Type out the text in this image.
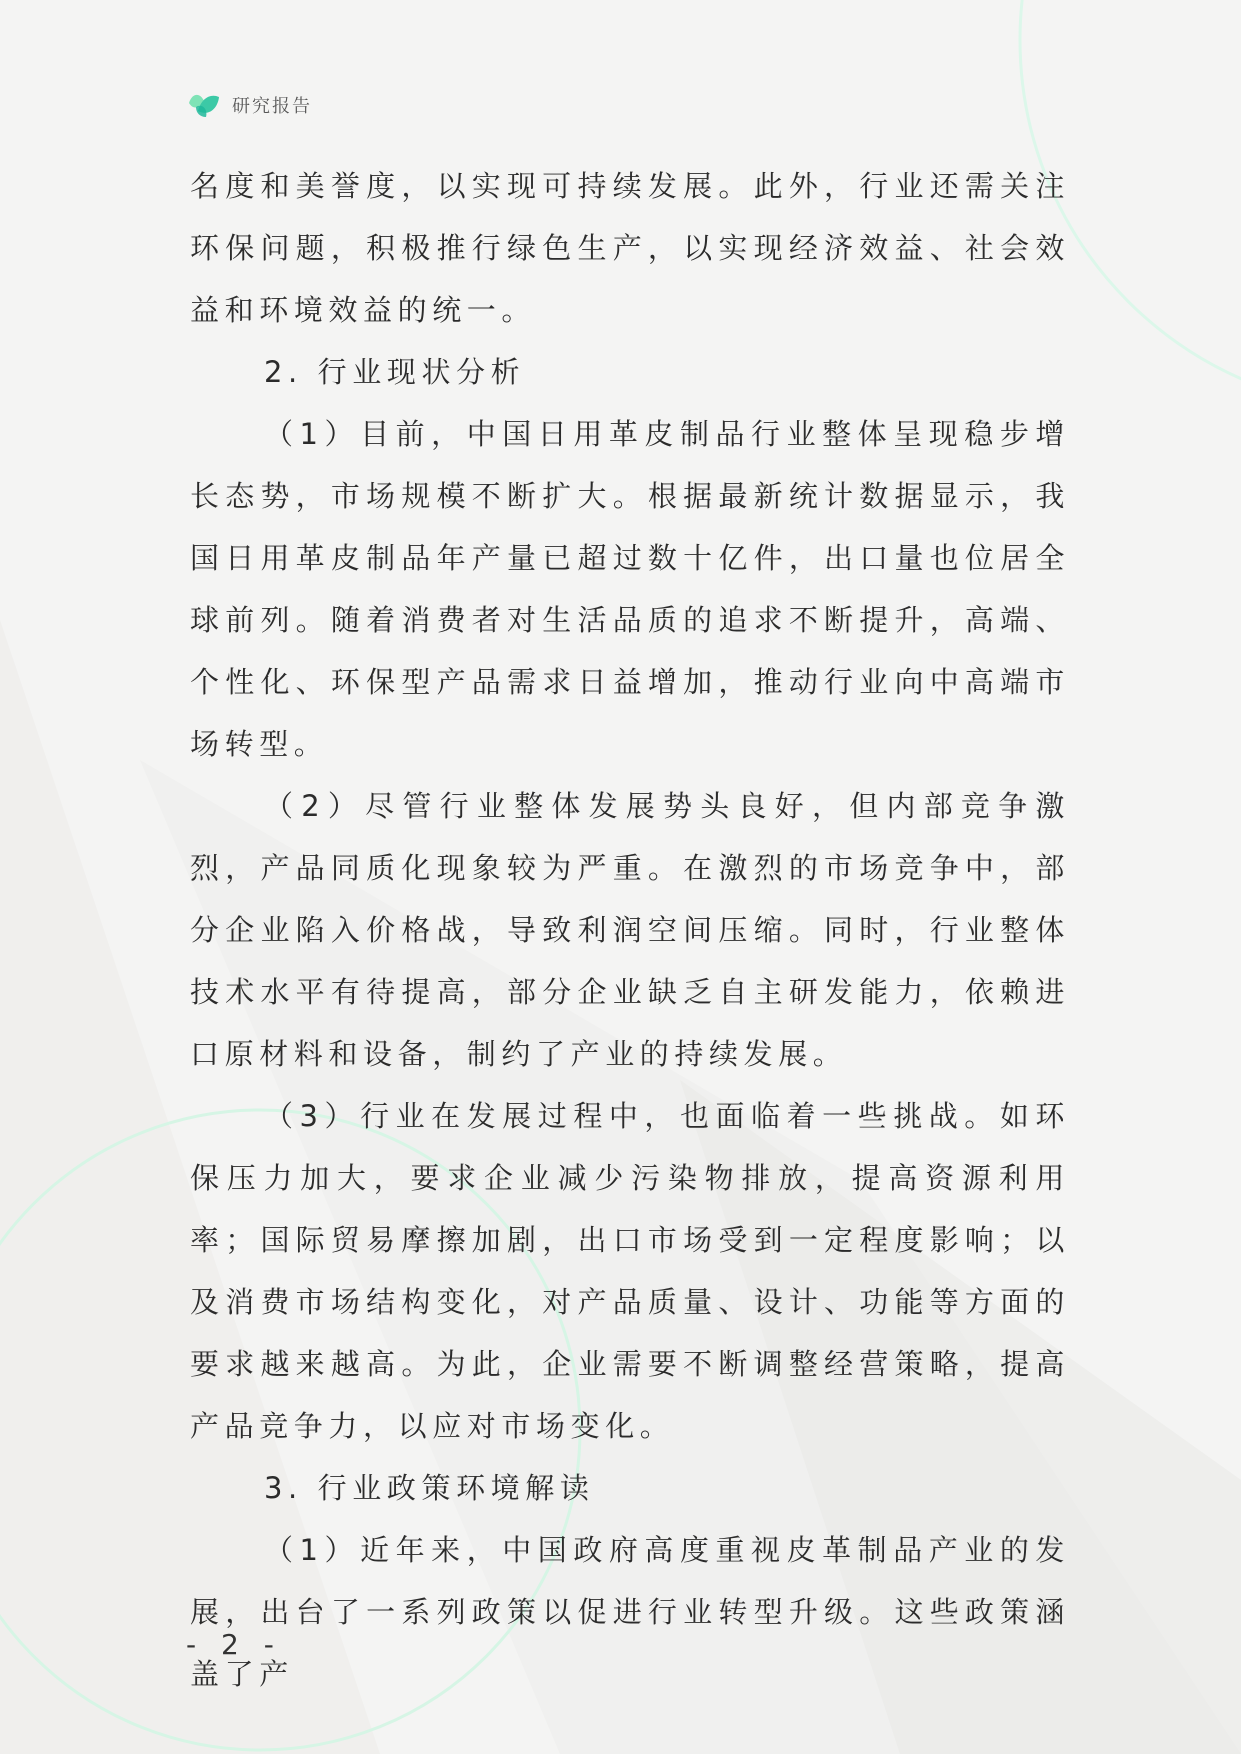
研究报告

名度和美誉度，以实现可持续发展。此外，行业还需关注环保问题，积极推行绿色生产，以实现经济效益、社会效益和环境效益的统一。

2. 行业现状分析

（1）目前，中国日用革皮制品行业整体呈现稳步增长态势，市场规模不断扩大。根据最新统计数据显示，我国日用革皮制品年产量已超过数十亿件，出口量也位居全球前列。随着消费者对生活品质的追求不断提升，高端、个性化、环保型产品需求日益增加，推动行业向中高端市场转型。

（2）尽管行业整体发展势头良好，但内部竞争激烈，产品同质化现象较为严重。在激烈的市场竞争中，部分企业陷入价格战，导致利润空间压缩。同时，行业整体技术水平有待提高，部分企业缺乏自主研发能力，依赖进口原材料和设备，制约了产业的持续发展。

（3）行业在发展过程中，也面临着一些挑战。如环保压力加大，要求企业减少污染物排放，提高资源利用率；国际贸易摩擦加剧，出口市场受到一定程度影响；以及消费市场结构变化，对产品质量、设计、功能等方面的要求越来越高。为此，企业需要不断调整经营策略，提高产品竞争力，以应对市场变化。

3. 行业政策环境解读

（1）近年来，中国政府高度重视皮革制品产业的发展，出台了一系列政策以促进行业转型升级。这些政策涵盖了产

- 2 -
